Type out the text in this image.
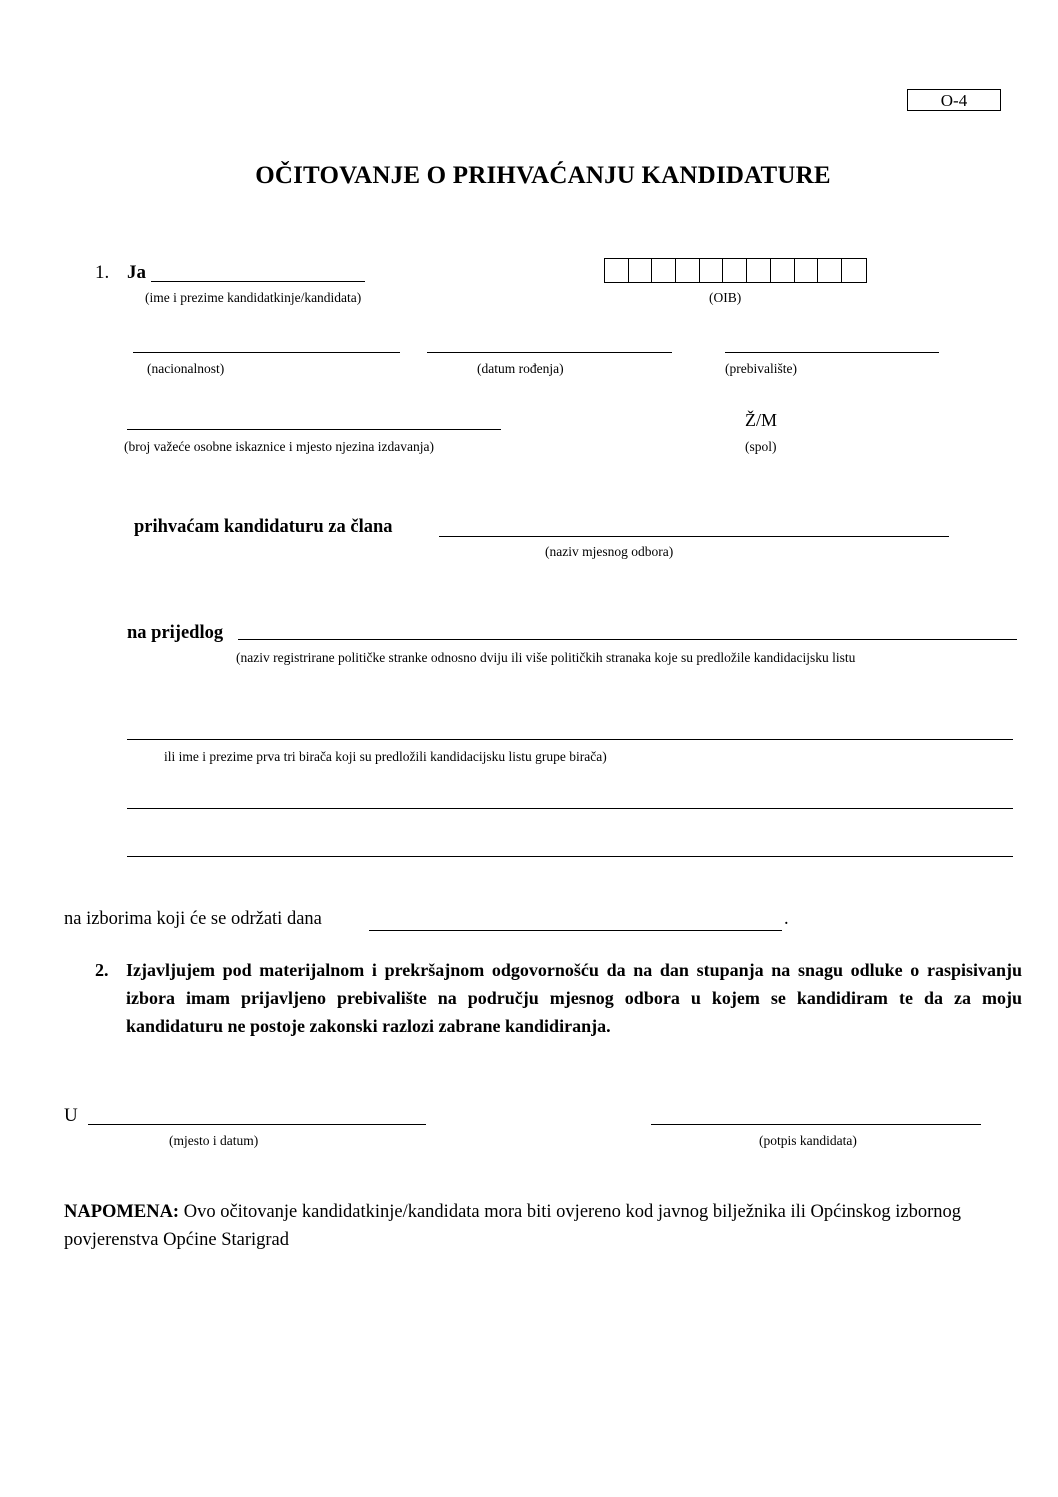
O-4
OČITOVANJE O PRIHVAĆANJU KANDIDATURE
1. Ja
(ime i prezime kandidatkinje/kandidata)	(OIB)
(nacionalnost)	(datum rođenja)	(prebivalište)
(broj važeće osobne iskaznice i mjesto njezina izdavanja)
Ž/M
(spol)
prihvaćam kandidaturu za člana
(naziv mjesnog odbora)
na prijedlog
(naziv registrirane političke stranke odnosno dviju ili više političkih stranaka koje su predložile kandidacijsku listu
ili ime i prezime prva tri birača koji su predložili kandidacijsku listu grupe birača)
na izborima koji će se održati dana	.
2. Izjavljujem pod materijalnom i prekršajnom odgovornošću da na dan stupanja na snagu odluke o raspisivanju izbora imam prijavljeno prebivalište na području mjesnog odbora u kojem se kandidiram te da za moju kandidaturu ne postoje zakonski razlozi zabrane kandidiranja.
U
(mjesto i datum)	(potpis kandidata)
NAPOMENA: Ovo očitovanje kandidatkinje/kandidata mora biti ovjereno kod javnog bilježnika ili Općinskog izbornog povjerenstva Općine Starigrad
